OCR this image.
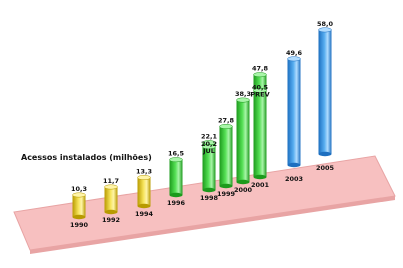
20,2
JUL
40,5
PREV
10,3
11,7
13,3
16,5
22,1
27,8
38,3
47,8
49,6
58,0
1990
1992
1994
1996
1998
1999
2000
2001
2003
2005
Acessos instalados (milhões)
